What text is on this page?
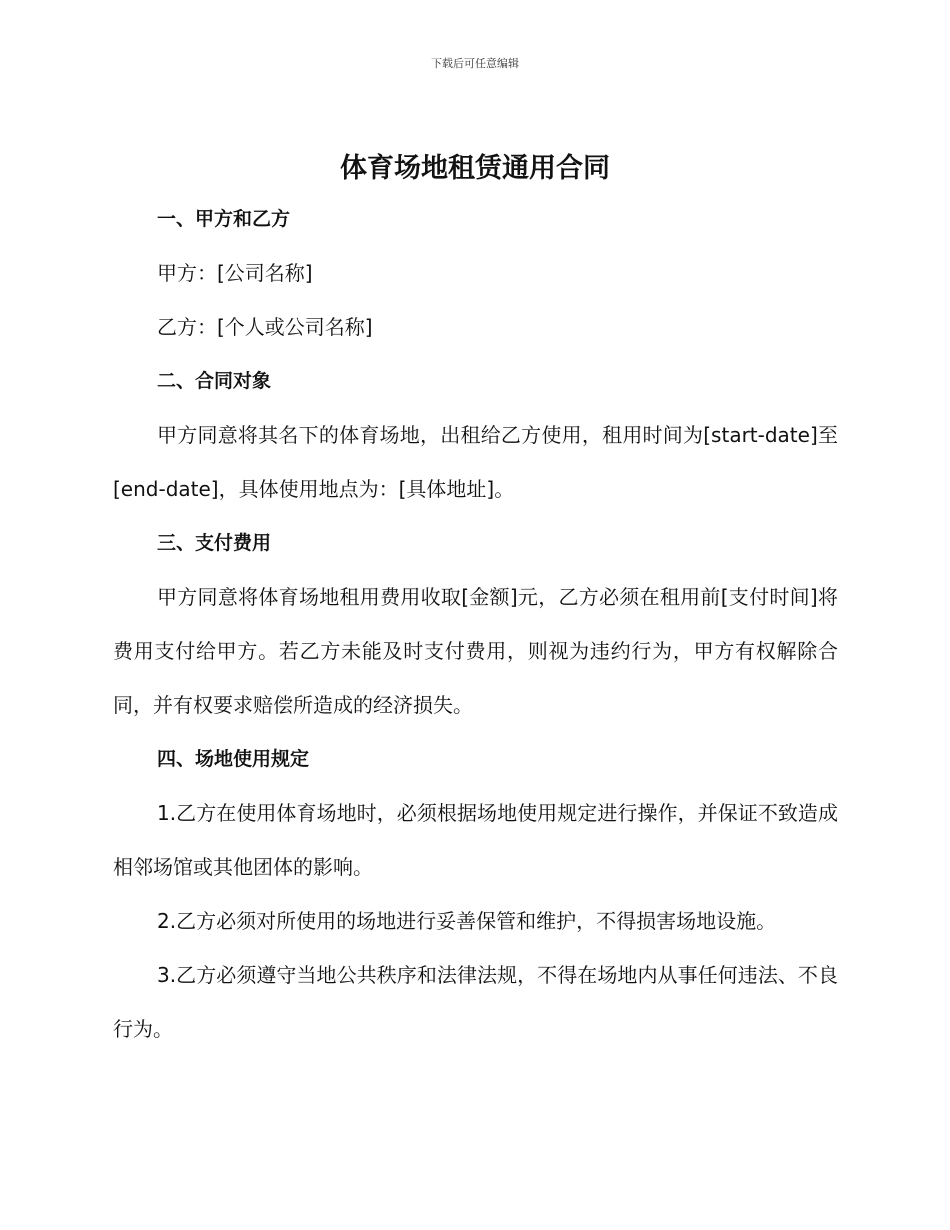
下载后可任意编辑
体育场地租赁通用合同
一、甲方和乙方

甲方：[公司名称]

乙方：[个人或公司名称]

二、合同对象

甲方同意将其名下的体育场地，出租给乙方使用，租用时间为[start-date]至[end-date]，具体使用地点为：[具体地址]。

三、支付费用

甲方同意将体育场地租用费用收取[金额]元，乙方必须在租用前[支付时间]将费用支付给甲方。若乙方未能及时支付费用，则视为违约行为，甲方有权解除合同，并有权要求赔偿所造成的经济损失。

四、场地使用规定

1.乙方在使用体育场地时，必须根据场地使用规定进行操作，并保证不致造成相邻场馆或其他团体的影响。

2.乙方必须对所使用的场地进行妥善保管和维护，不得损害场地设施。

3.乙方必须遵守当地公共秩序和法律法规，不得在场地内从事任何违法、不良行为。
